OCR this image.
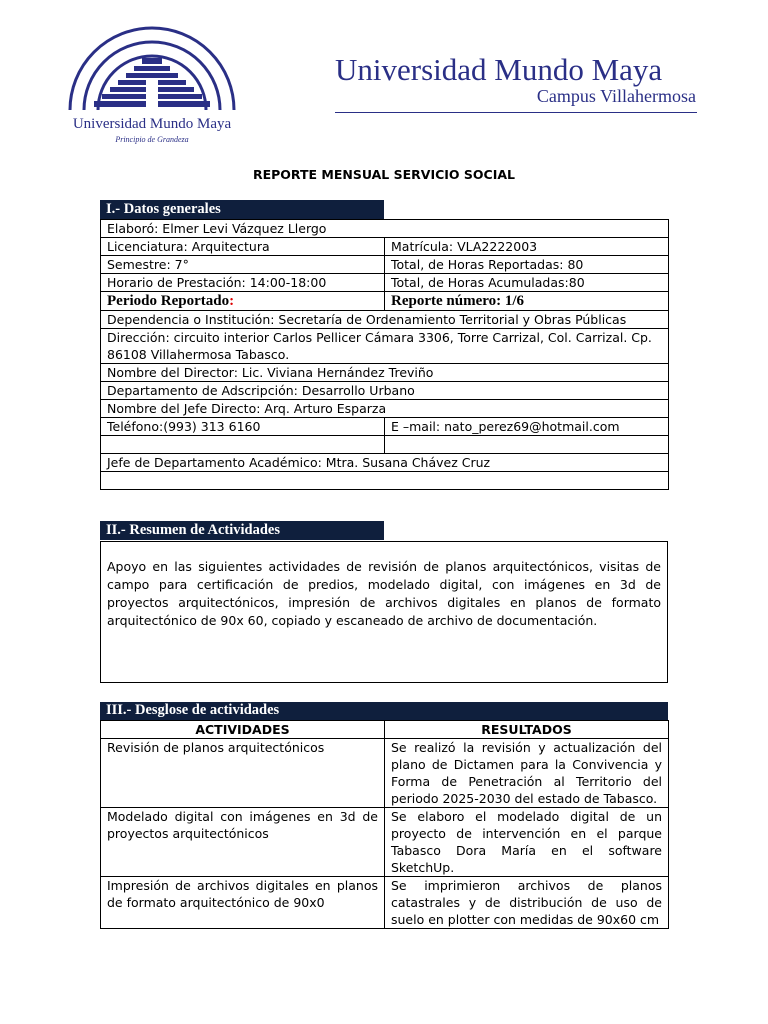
Universidad Mundo Maya
Principio de Grandeza
Universidad Mundo Maya
Campus Villahermosa
REPORTE MENSUAL SERVICIO SOCIAL
I.- Datos generales
Elaboró: Elmer Levi Vázquez Llergo	
Licenciatura: Arquitectura	Matrícula: VLA2222003
Semestre: 7°	Total, de Horas Reportadas: 80
Horario de Prestación: 14:00-18:00	Total, de Horas Acumuladas:80
Periodo Reportado:	Reporte número: 1/6
Dependencia o Institución: Secretaría de Ordenamiento Territorial y Obras Públicas	
Dirección: circuito interior Carlos Pellicer Cámara 3306, Torre Carrizal, Col. Carrizal. Cp. 86108 Villahermosa Tabasco.	
Nombre del Director: Lic. Viviana Hernández Treviño	
Departamento de Adscripción: Desarrollo Urbano	
Nombre del Jefe Directo: Arq. Arturo Esparza	
Teléfono:(993) 313 6160	E –mail: nato_perez69@hotmail.com

Jefe de Departamento Académico: Mtra. Susana Chávez Cruz	

II.- Resumen de Actividades
Apoyo en las siguientes actividades de revisión de planos arquitectónicos, visitas de campo para certificación de predios, modelado digital, con imágenes en 3d de proyectos arquitectónicos, impresión de archivos digitales en planos de formato arquitectónico de 90x 60, copiado y escaneado de archivo de documentación.
III.- Desglose de actividades
ACTIVIDADES	RESULTADOS
Revisión de planos arquitectónicos	Se realizó la revisión y actualización del plano de Dictamen para la Convivencia y Forma de Penetración al Territorio del periodo 2025-2030 del estado de Tabasco.
Modelado digital con imágenes en 3d de proyectos arquitectónicos	Se elaboro el modelado digital de un proyecto de intervención en el parque Tabasco Dora María en el software SketchUp.
Impresión de archivos digitales en planos de formato arquitectónico de 90x0	Se imprimieron archivos de planos catastrales y de distribución de uso de suelo en plotter con medidas de 90x60 cm
